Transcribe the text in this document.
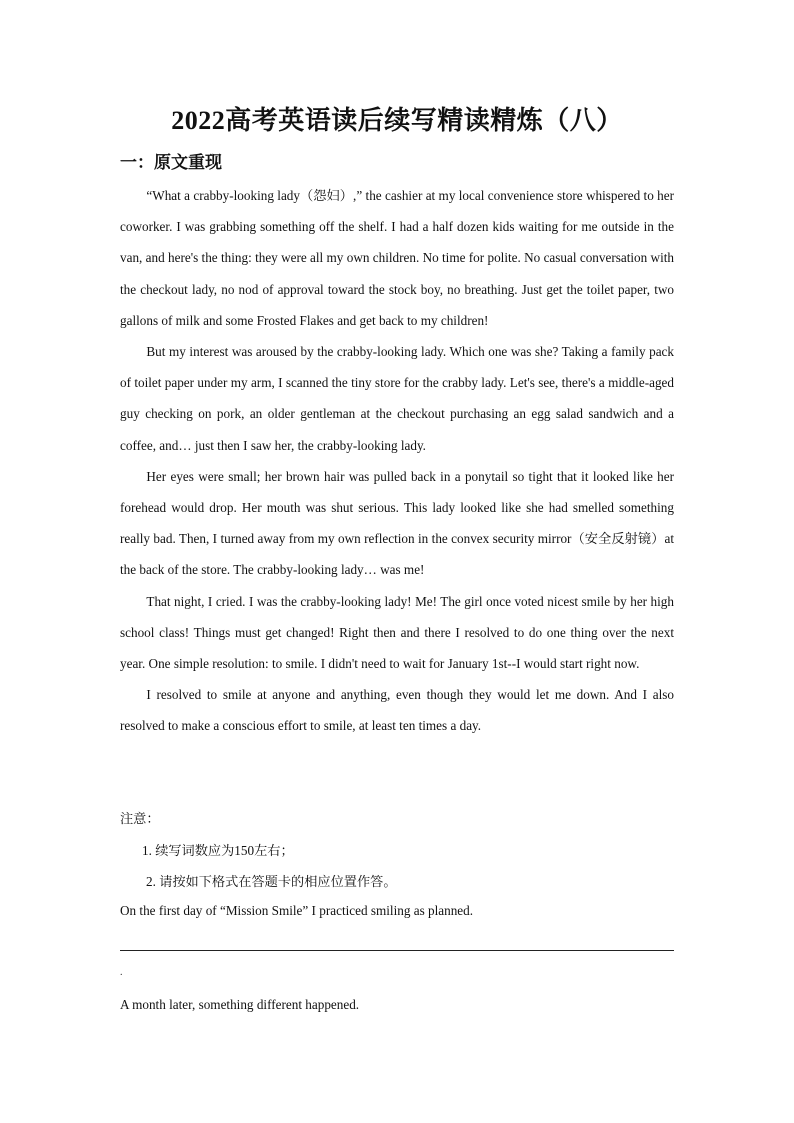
2022高考英语读后续写精读精炼（八）
一：原文重现

“What a crabby-looking lady（怨妇）,” the cashier at my local convenience store whispered to her coworker. I was grabbing something off the shelf. I had a half dozen kids waiting for me outside in the van, and here's the thing: they were all my own children. No time for polite. No casual conversation with the checkout lady, no nod of approval toward the stock boy, no breathing. Just get the toilet paper, two gallons of milk and some Frosted Flakes and get back to my children!

But my interest was aroused by the crabby-looking lady. Which one was she? Taking a family pack of toilet paper under my arm, I scanned the tiny store for the crabby lady. Let's see, there's a middle-aged guy checking on pork, an older gentleman at the checkout purchasing an egg salad sandwich and a coffee, and… just then I saw her, the crabby-looking lady.

Her eyes were small; her brown hair was pulled back in a ponytail so tight that it looked like her forehead would drop. Her mouth was shut serious. This lady looked like she had smelled something really bad. Then, I turned away from my own reflection in the convex security mirror（安全反射镜）at the back of the store. The crabby-looking lady… was me!

That night, I cried. I was the crabby-looking lady! Me! The girl once voted nicest smile by her high school class! Things must get changed! Right then and there I resolved to do one thing over the next year. One simple resolution: to smile. I didn't need to wait for January 1st--I would start right now.

I resolved to smile at anyone and anything, even though they would let me down. And I also resolved to make a conscious effort to smile, at least ten times a day.

注意：
1. 续写词数应为150左右；
2. 请按如下格式在答题卡的相应位置作答。
On the first day of “Mission Smile” I practiced smiling as planned.
.
A month later, something different happened.
